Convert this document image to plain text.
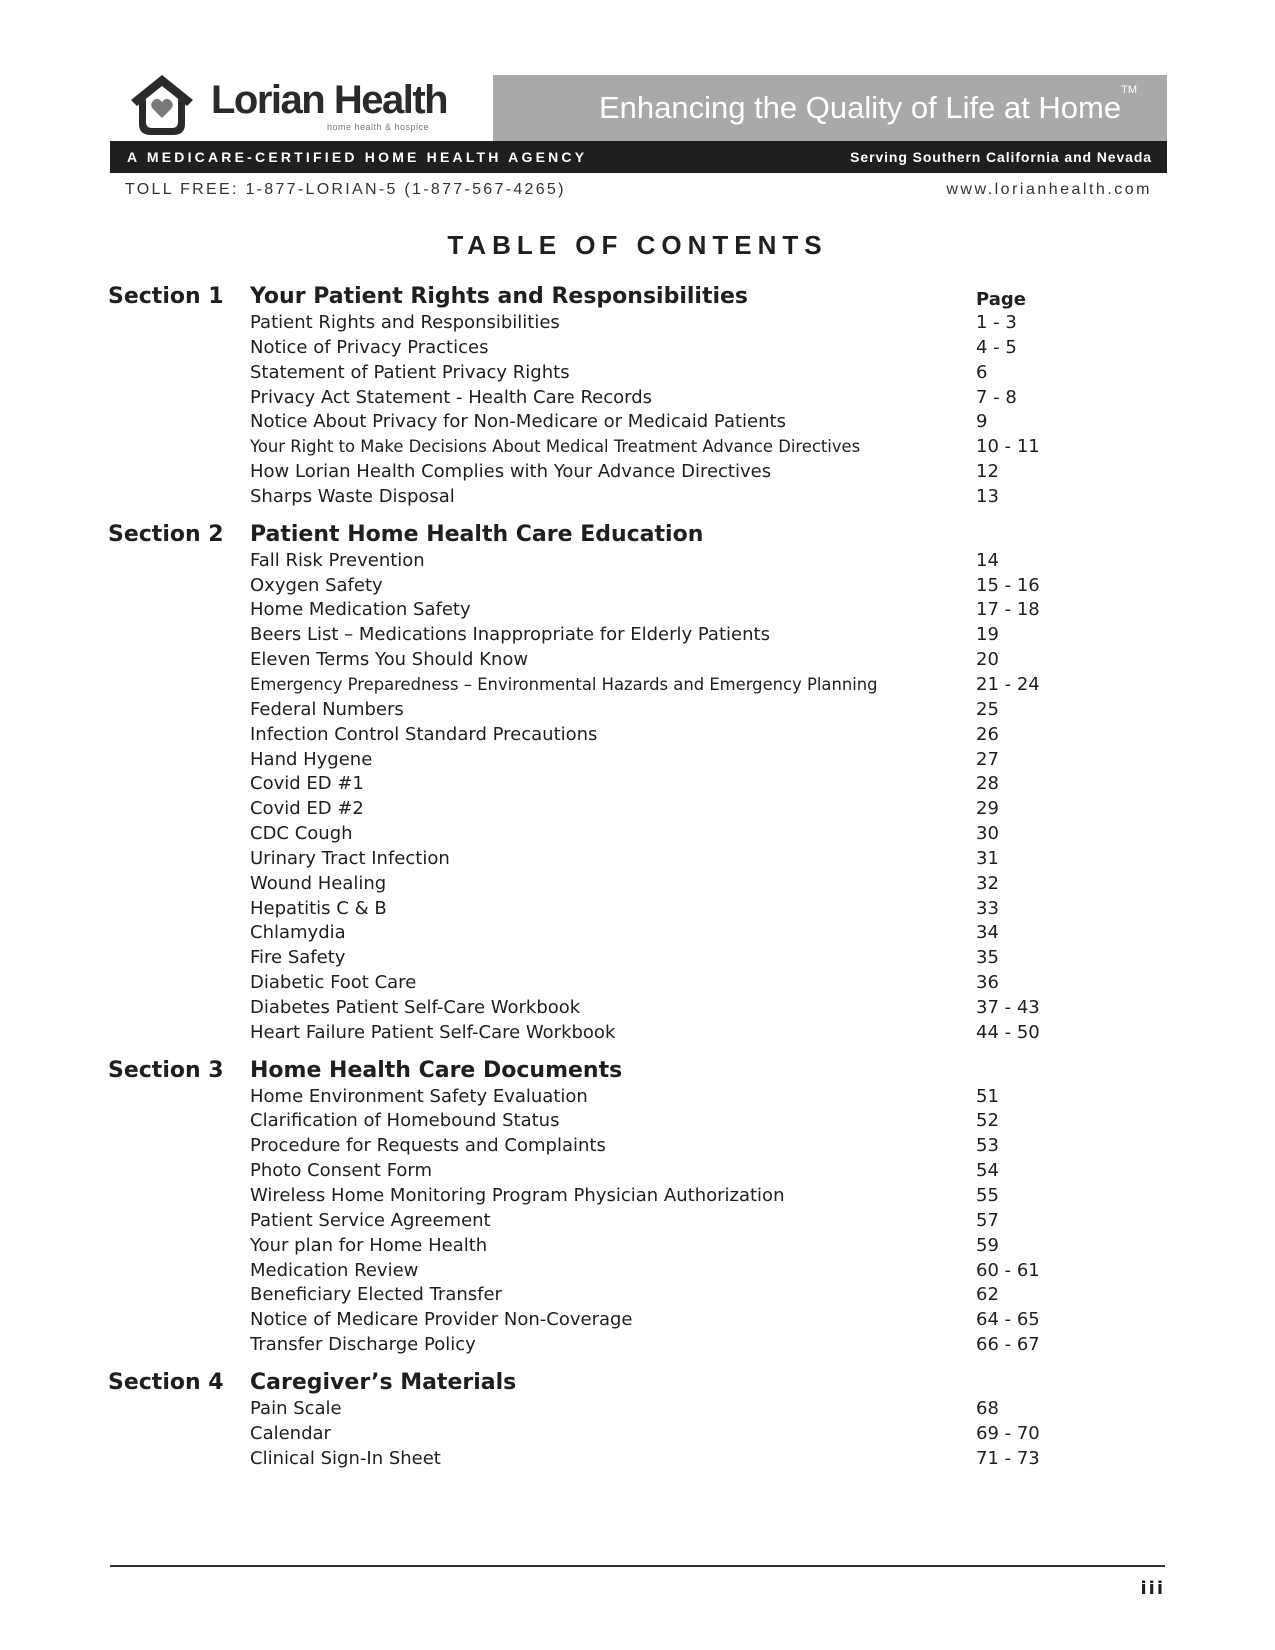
Lorian Health
home health & hospice
Enhancing the Quality of Life at Home™
A MEDICARE-CERTIFIED HOME HEALTH AGENCY	Serving Southern California and Nevada
TOLL FREE: 1-877-LORIAN-5 (1-877-567-4265)	www.lorianhealth.com
TABLE OF CONTENTS
Section 1 Your Patient Rights and Responsibilities	Page
Patient Rights and Responsibilities	1 - 3
Notice of Privacy Practices	4 - 5
Statement of Patient Privacy Rights	6
Privacy Act Statement - Health Care Records	7 - 8
Notice About Privacy for Non-Medicare or Medicaid Patients	9
Your Right to Make Decisions About Medical Treatment Advance Directives	10 - 11
How Lorian Health Complies with Your Advance Directives	12
Sharps Waste Disposal	13
Section 2 Patient Home Health Care Education
Fall Risk Prevention	14
Oxygen Safety	15 - 16
Home Medication Safety	17 - 18
Beers List – Medications Inappropriate for Elderly Patients	19
Eleven Terms You Should Know	20
Emergency Preparedness – Environmental Hazards and Emergency Planning	21 - 24
Federal Numbers	25
Infection Control Standard Precautions	26
Hand Hygene	27
Covid ED #1	28
Covid ED #2	29
CDC Cough	30
Urinary Tract Infection	31
Wound Healing	32
Hepatitis C & B	33
Chlamydia	34
Fire Safety	35
Diabetic Foot Care	36
Diabetes Patient Self-Care Workbook	37 - 43
Heart Failure Patient Self-Care Workbook	44 - 50
Section 3 Home Health Care Documents
Home Environment Safety Evaluation	51
Clarification of Homebound Status	52
Procedure for Requests and Complaints	53
Photo Consent Form	54
Wireless Home Monitoring Program Physician Authorization	55
Patient Service Agreement	57
Your plan for Home Health	59
Medication Review	60 - 61
Beneficiary Elected Transfer	62
Notice of Medicare Provider Non-Coverage	64 - 65
Transfer Discharge Policy	66 - 67
Section 4 Caregiver’s Materials
Pain Scale	68
Calendar	69 - 70
Clinical Sign-In Sheet	71 - 73
iii
